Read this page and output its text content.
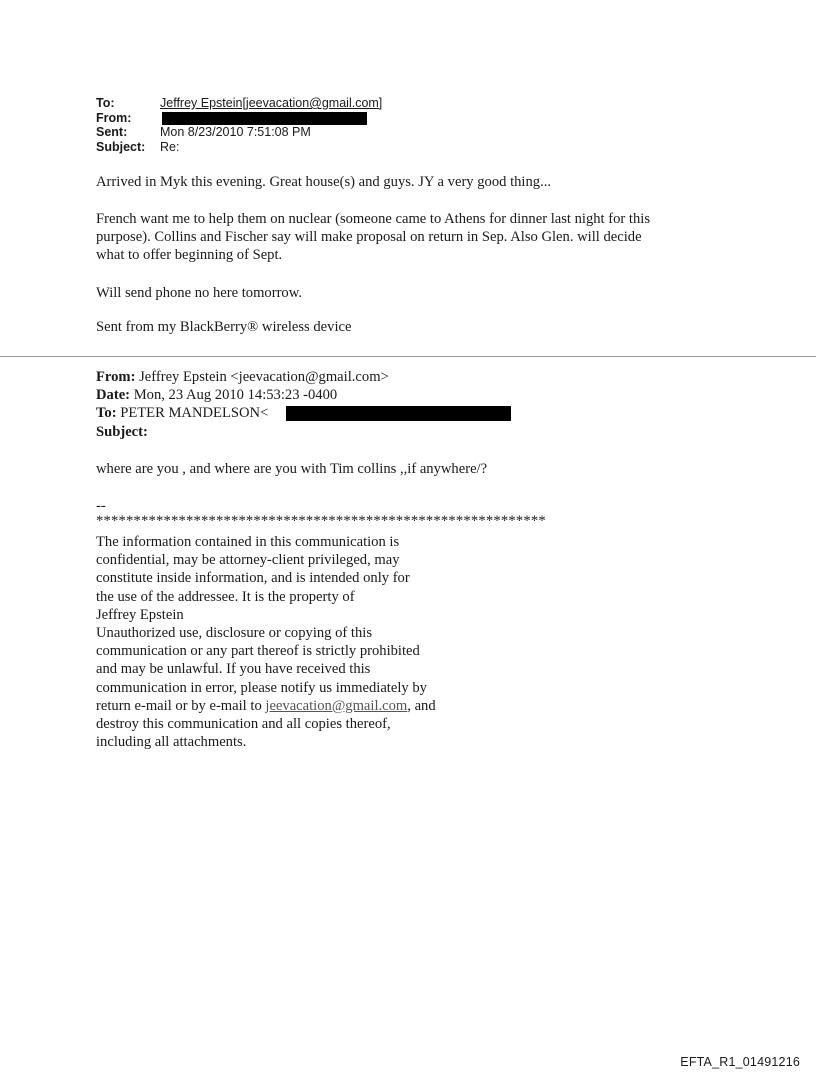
To:	Jeffrey Epstein[jeevacation@gmail.com]
From:
Sent:	Mon 8/23/2010 7:51:08 PM
Subject: Re:
Arrived in Myk this evening. Great house(s) and guys. JY a very good thing...
French want me to help them on nuclear (someone came to Athens for dinner last night for this
purpose). Collins and Fischer say will make proposal on return in Sep. Also Glen. will decide
what to offer beginning of Sept.
Will send phone no here tomorrow.
Sent from my BlackBerry® wireless device
From: Jeffrey Epstein <jeevacation@gmail.com>
Date: Mon, 23 Aug 2010 14:53:23 -0400
To: PETER MANDELSON<
Subject:
where are you , and where are you with Tim collins ,,if anywhere/?
--
************************************************************
The information contained in this communication is
confidential, may be attorney-client privileged, may
constitute inside information, and is intended only for
the use of the addressee. It is the property of
Jeffrey Epstein
Unauthorized use, disclosure or copying of this
communication or any part thereof is strictly prohibited
and may be unlawful. If you have received this
communication in error, please notify us immediately by
return e-mail or by e-mail to jeevacation@gmail.com, and
destroy this communication and all copies thereof,
including all attachments.
EFTA_R1_01491216
